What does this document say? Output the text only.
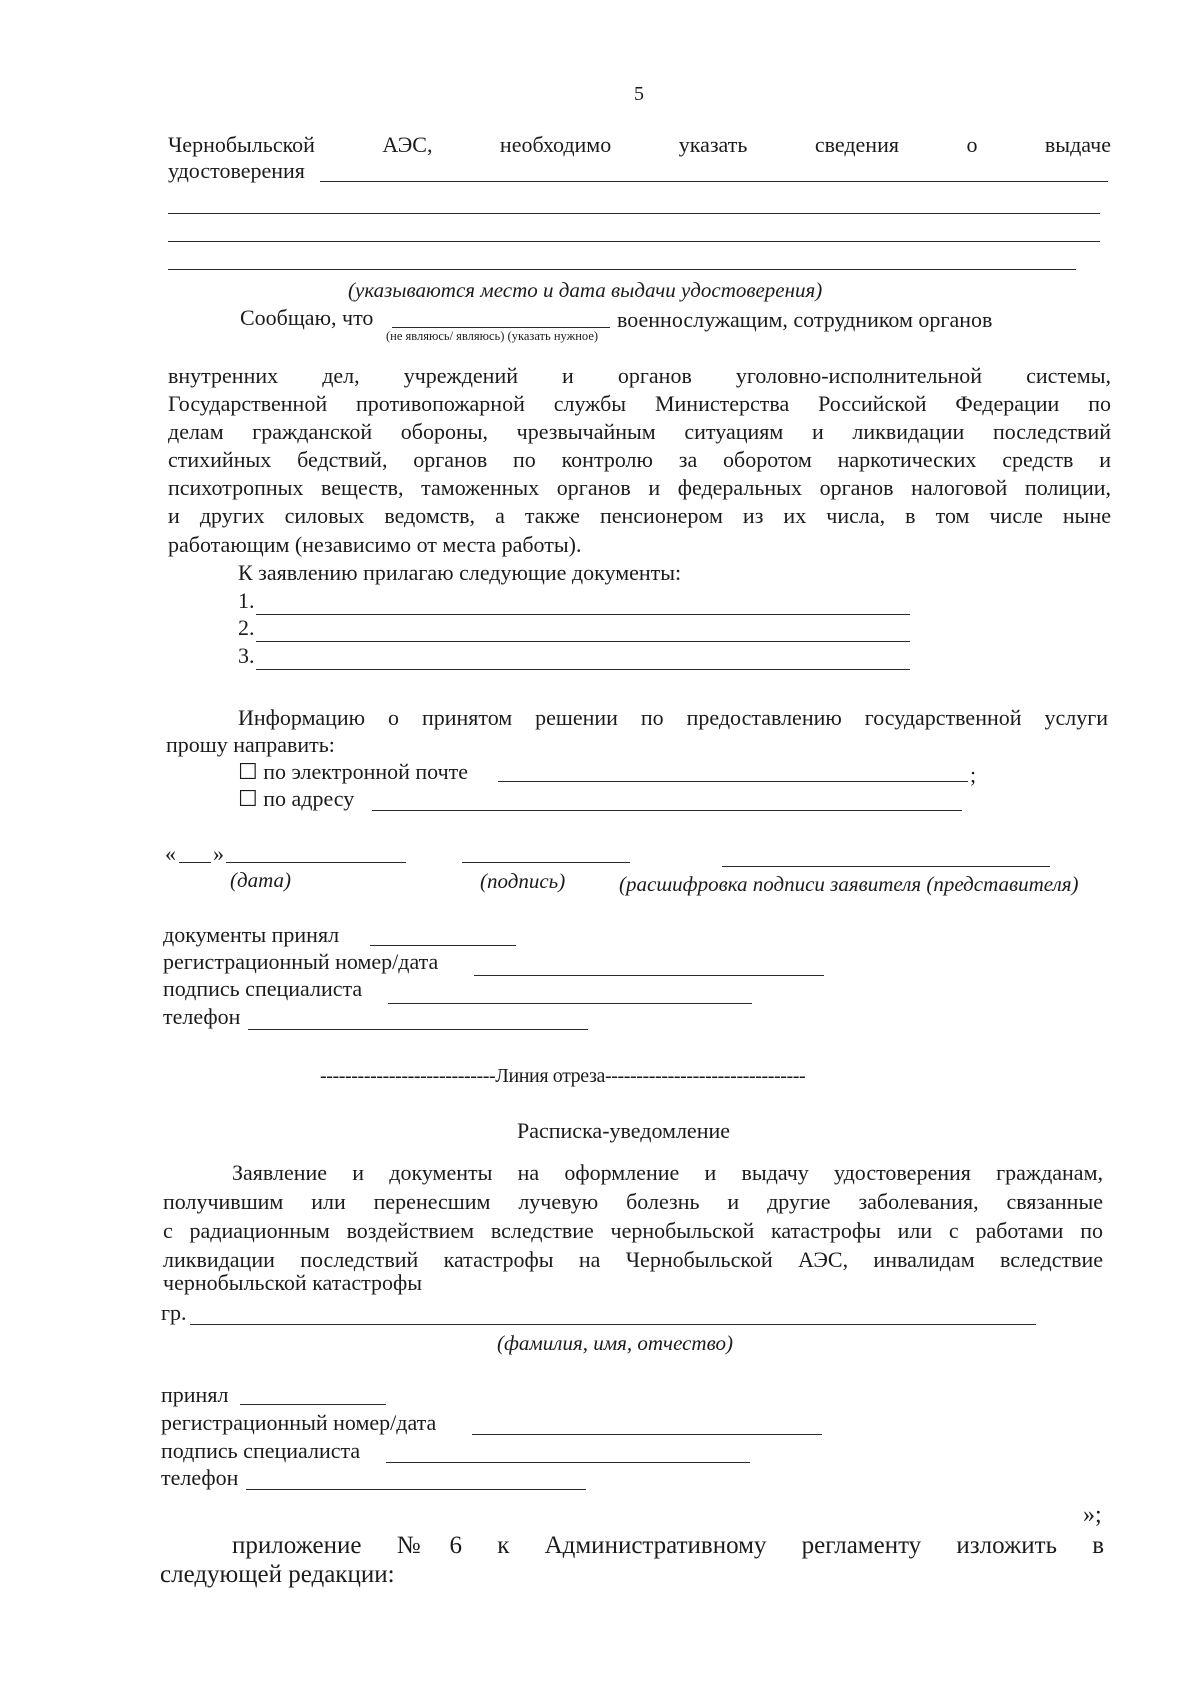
5
Чернобыльской АЭС, необходимо указать сведения о выдаче
удостоверения
(указываются место и дата выдачи удостоверения)
Сообщаю, что	военнослужащим, сотрудником органов
(не являюсь/ являюсь) (указать нужное)
внутренних дел, учреждений и органов уголовно-исполнительной системы,
Государственной противопожарной службы Министерства Российской Федерации по
делам гражданской обороны, чрезвычайным ситуациям и ликвидации последствий
стихийных бедствий, органов по контролю за оборотом наркотических средств и
психотропных веществ, таможенных органов и федеральных органов налоговой полиции,
и других силовых ведомств, а также пенсионером из их числа, в том числе ныне
работающим (независимо от места работы).
К заявлению прилагаю следующие документы:
1.
2.
3.
Информацию о принятом решении по предоставлению государственной услуги
прошу направить:
☐ по электронной почте	;
☐ по адресу
« »
(дата)	(подпись)	(расшифровка подписи заявителя (представителя)
документы принял
регистрационный номер/дата
подпись специалиста
телефон
----------------------------Линия отреза--------------------------------
Расписка-уведомление
Заявление и документы на оформление и выдачу удостоверения гражданам,
получившим или перенесшим лучевую болезнь и другие заболевания, связанные
с радиационным воздействием вследствие чернобыльской катастрофы или с работами по
ликвидации последствий катастрофы на Чернобыльской АЭС, инвалидам вследствие
чернобыльской катастрофы
гр.
(фамилия, имя, отчество)
принял
регистрационный номер/дата
подпись специалиста
телефон
»;
приложение №6 к Административному регламенту изложить в
следующей редакции:
